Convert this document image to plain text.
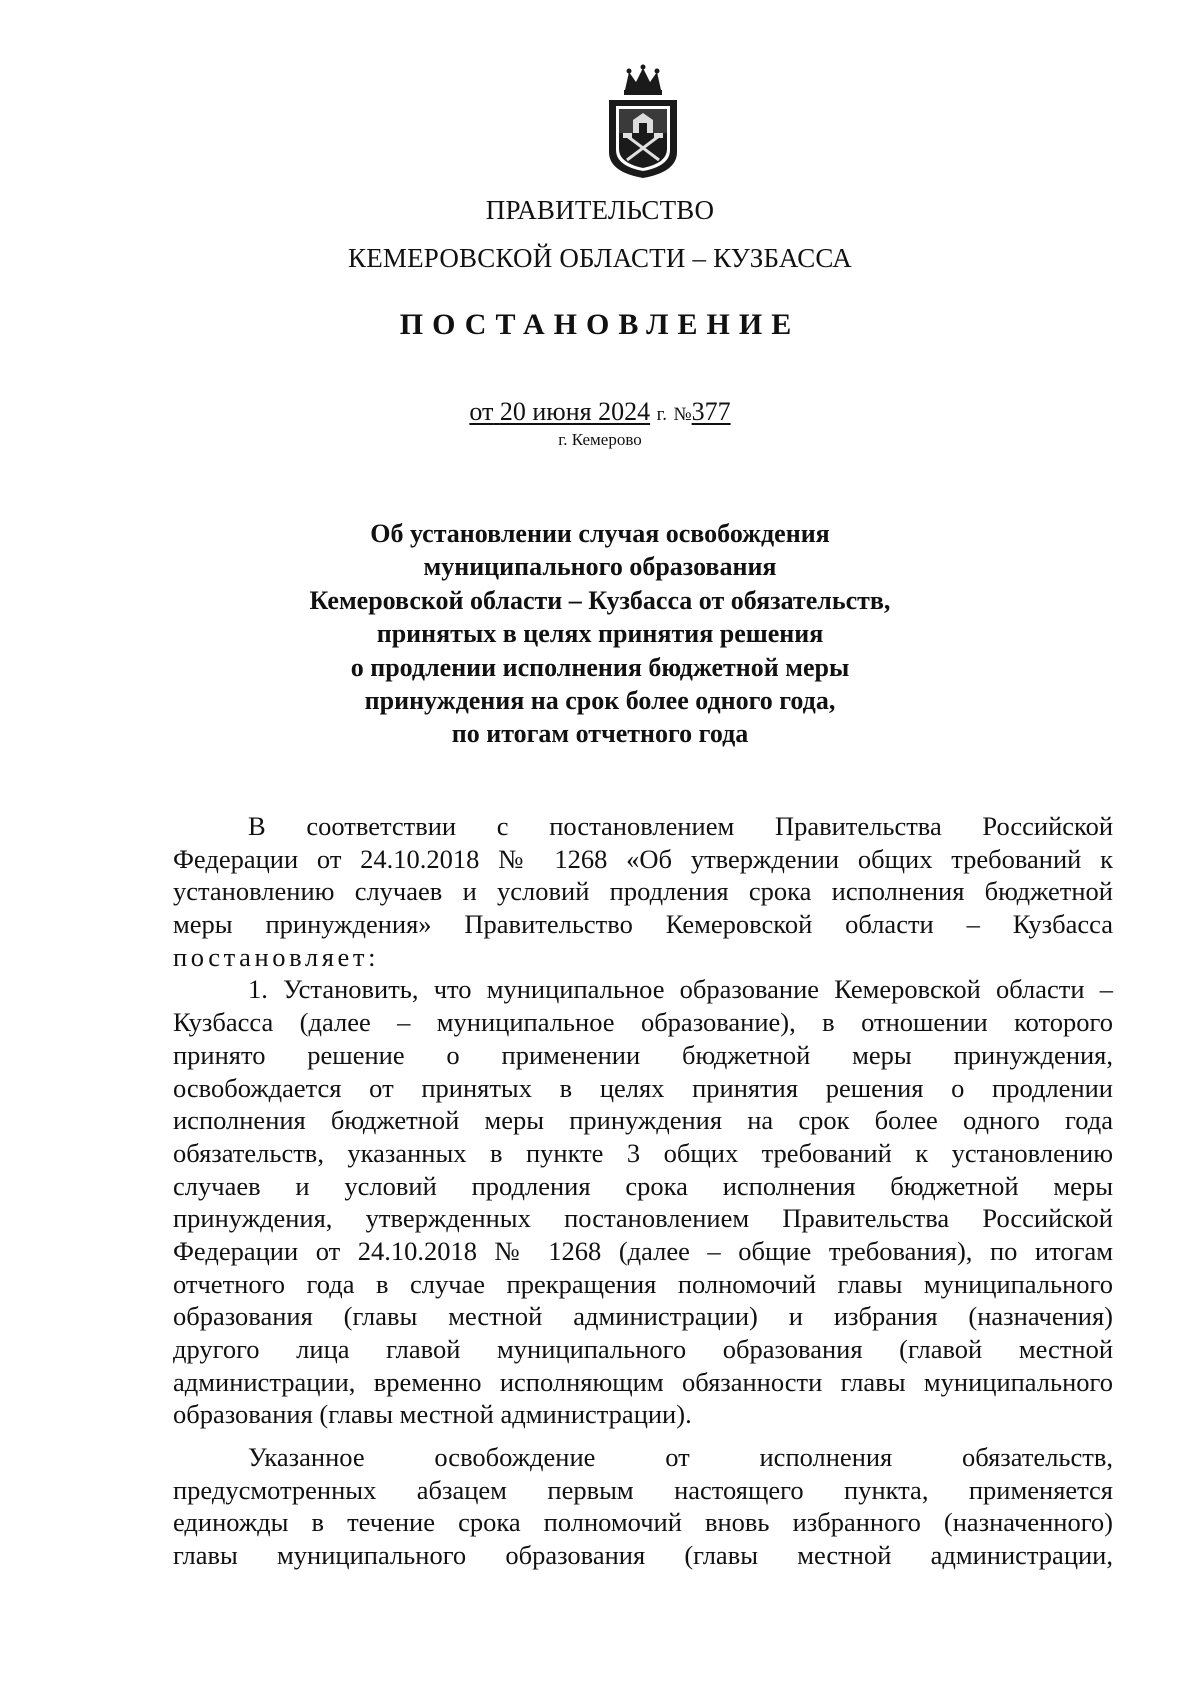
ПРАВИТЕЛЬСТВО
КЕМЕРОВСКОЙ ОБЛАСТИ – КУЗБАССА
ПОСТАНОВЛЕНИЕ
от 20 июня 2024 г. №377
г. Кемерово
Об установлении случая освобождения
муниципального образования
Кемеровской области – Кузбасса от обязательств,
принятых в целях принятия решения
о продлении исполнения бюджетной меры
принуждения на срок более одного года,
по итогам отчетного года
В соответствии с постановлением Правительства Российской
Федерации от 24.10.2018 № 1268 «Об утверждении общих требований к
установлению случаев и условий продления срока исполнения бюджетной
меры принуждения» Правительство Кемеровской области – Кузбасса
постановляет:
1. Установить, что муниципальное образование Кемеровской области –
Кузбасса (далее – муниципальное образование), в отношении которого
принято решение о применении бюджетной меры принуждения,
освобождается от принятых в целях принятия решения о продлении
исполнения бюджетной меры принуждения на срок более одного года
обязательств, указанных в пункте 3 общих требований к установлению
случаев и условий продления срока исполнения бюджетной меры
принуждения, утвержденных постановлением Правительства Российской
Федерации от 24.10.2018 № 1268 (далее – общие требования), по итогам
отчетного года в случае прекращения полномочий главы муниципального
образования (главы местной администрации) и избрания (назначения)
другого лица главой муниципального образования (главой местной
администрации, временно исполняющим обязанности главы муниципального
образования (главы местной администрации).
Указанное освобождение от исполнения обязательств,
предусмотренных абзацем первым настоящего пункта, применяется
единожды в течение срока полномочий вновь избранного (назначенного)
главы муниципального образования (главы местной администрации,
